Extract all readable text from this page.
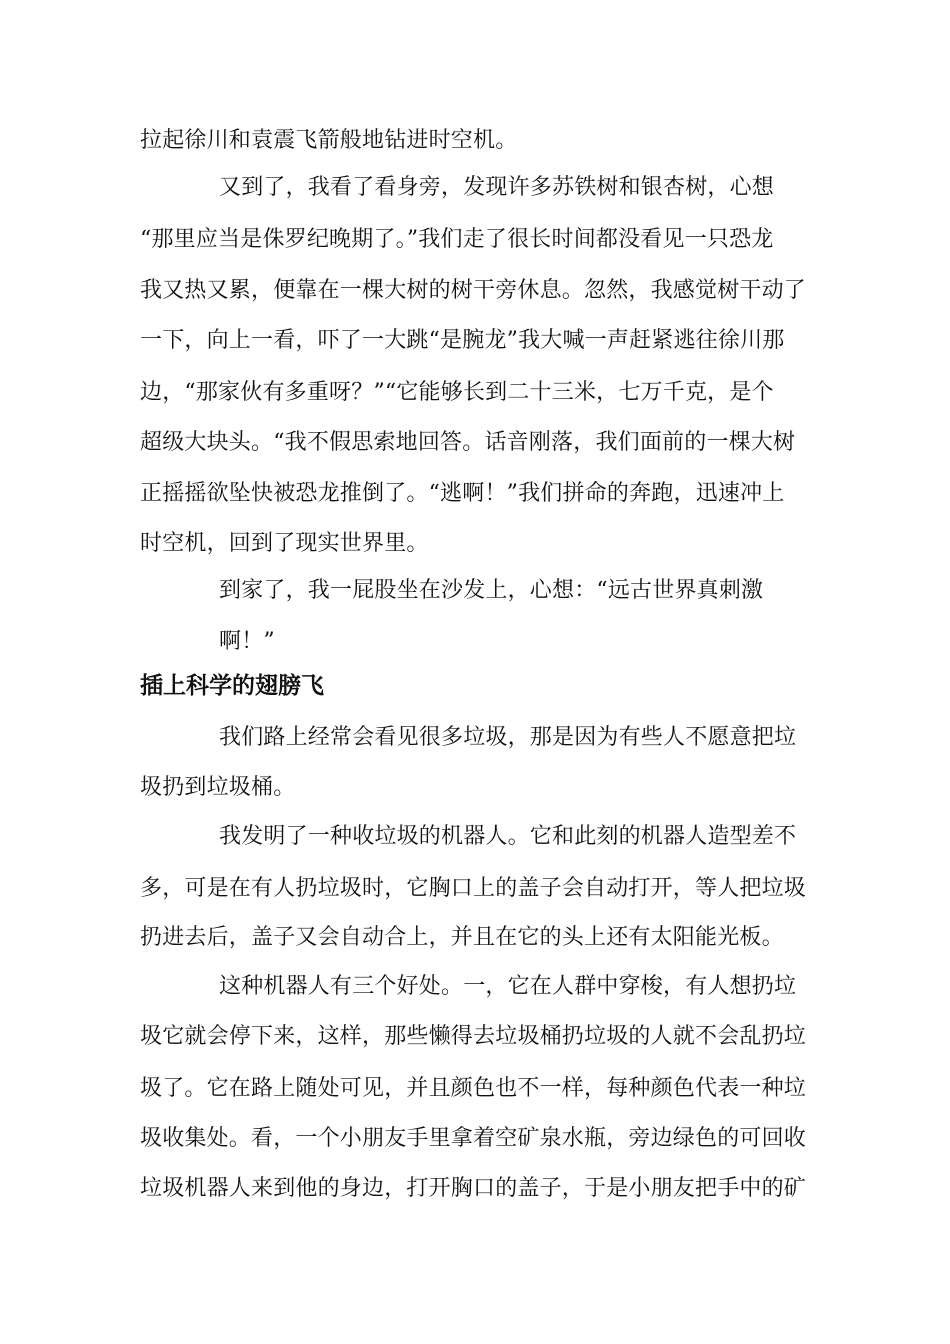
拉起徐川和袁震飞箭般地钻进时空机。
又到了，我看了看身旁，发现许多苏铁树和银杏树，心想
“那里应当是侏罗纪晚期了。”我们走了很长时间都没看见一只恐龙
我又热又累，便靠在一棵大树的树干旁休息。忽然，我感觉树干动了
一下，向上一看，吓了一大跳“是腕龙”我大喊一声赶紧逃往徐川那
边，“那家伙有多重呀？”“它能够长到二十三米，七万千克，是个
超级大块头。“我不假思索地回答。话音刚落，我们面前的一棵大树
正摇摇欲坠快被恐龙推倒了。“逃啊！”我们拼命的奔跑，迅速冲上
时空机，回到了现实世界里。
到家了，我一屁股坐在沙发上，心想：“远古世界真刺激
啊！”
插上科学的翅膀飞
我们路上经常会看见很多垃圾，那是因为有些人不愿意把垃
圾扔到垃圾桶。
我发明了一种收垃圾的机器人。它和此刻的机器人造型差不
多，可是在有人扔垃圾时，它胸口上的盖子会自动打开，等人把垃圾
扔进去后，盖子又会自动合上，并且在它的头上还有太阳能光板。
这种机器人有三个好处。一，它在人群中穿梭，有人想扔垃
圾它就会停下来，这样，那些懒得去垃圾桶扔垃圾的人就不会乱扔垃
圾了。它在路上随处可见，并且颜色也不一样，每种颜色代表一种垃
圾收集处。看，一个小朋友手里拿着空矿泉水瓶，旁边绿色的可回收
垃圾机器人来到他的身边，打开胸口的盖子，于是小朋友把手中的矿
